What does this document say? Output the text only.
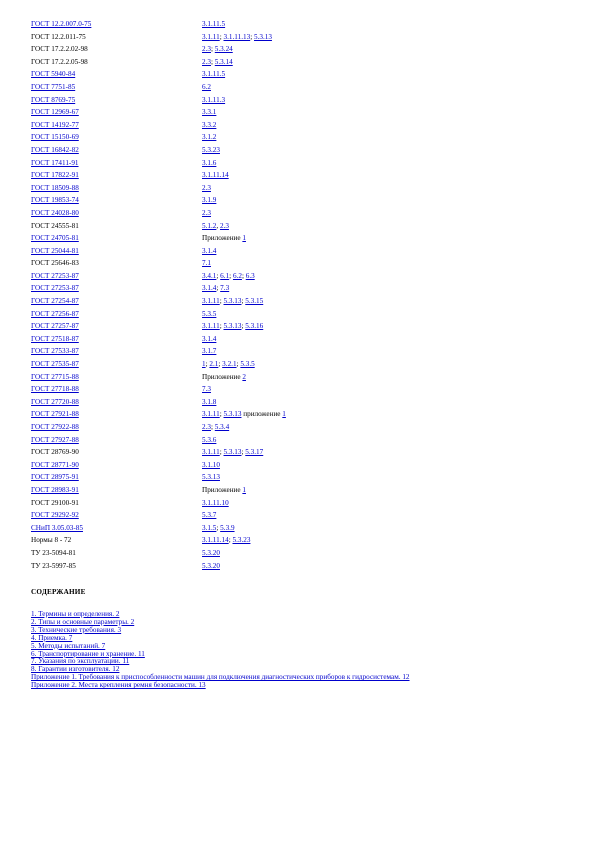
ГОСТ 12.2.007.0-75	3.1.11.5
ГОСТ 12.2.011-75	3.1.11; 3.1.11.13; 5.3.13
ГОСТ 17.2.2.02-98	2.3; 5.3.24
ГОСТ 17.2.2.05-98	2.3; 5.3.14
ГОСТ 5940-84	3.1.11.5
ГОСТ 7751-85	6.2
ГОСТ 8769-75	3.1.11.3
ГОСТ 12969-67	3.3.1
ГОСТ 14192-77	3.3.2
ГОСТ 15150-69	3.1.2
ГОСТ 16842-82	5.3.23
ГОСТ 17411-91	3.1.6
ГОСТ 17822-91	3.1.11.14
ГОСТ 18509-88	2.3
ГОСТ 19853-74	3.1.9
ГОСТ 24028-80	2.3
ГОСТ 24555-81	5.1.2, 2.3
ГОСТ 24705-81	Приложение 1
ГОСТ 25044-81	3.1.4
ГОСТ 25646-83	7.1
ГОСТ 27253-87	3.4.1; 6.1; 6.2; 6.3
ГОСТ 27253-87	3.1.4; 7.3
ГОСТ 27254-87	3.1.11; 5.3.13; 5.3.15
ГОСТ 27256-87	5.3.5
ГОСТ 27257-87	3.1.11; 5.3.13; 5.3.16
ГОСТ 27518-87	3.1.4
ГОСТ 27533-87	3.1.7
ГОСТ 27535-87	1; 2.1; 3.2.1; 5.3.5
ГОСТ 27715-88	Приложение 2
ГОСТ 27718-88	7.3
ГОСТ 27720-88	3.1.8
ГОСТ 27921-88	3.1.11; 5.3.13 приложение 1
ГОСТ 27922-88	2.3; 5.3.4
ГОСТ 27927-88	5.3.6
ГОСТ 28769-90	3.1.11; 5.3.13; 5.3.17
ГОСТ 28771-90	3.1.10
ГОСТ 28975-91	5.3.13
ГОСТ 28983-91	Приложение 1
ГОСТ 29100-91	3.1.11.10
ГОСТ 29292-92	5.3.7
СНиП 3.05.03-85	3.1.5; 5.3.9
Нормы 8 - 72	3.1.11.14; 5.3.23
ТУ 23-5094-81	5.3.20
ТУ 23-5997-85	5.3.20
СОДЕРЖАНИЕ
1. Термины и определения. 2
2. Типы и основные параметры. 2
3. Технические требования. 3
4. Приемка. 7
5. Методы испытаний. 7
6. Транспортирование и хранение. 11
7. Указания по эксплуатации. 11
8. Гарантии изготовителя. 12
Приложение 1. Требования к приспособленности машин для подключения диагностических приборов к гидросистемам. 12
Приложение 2. Места крепления ремня безопасности. 13
